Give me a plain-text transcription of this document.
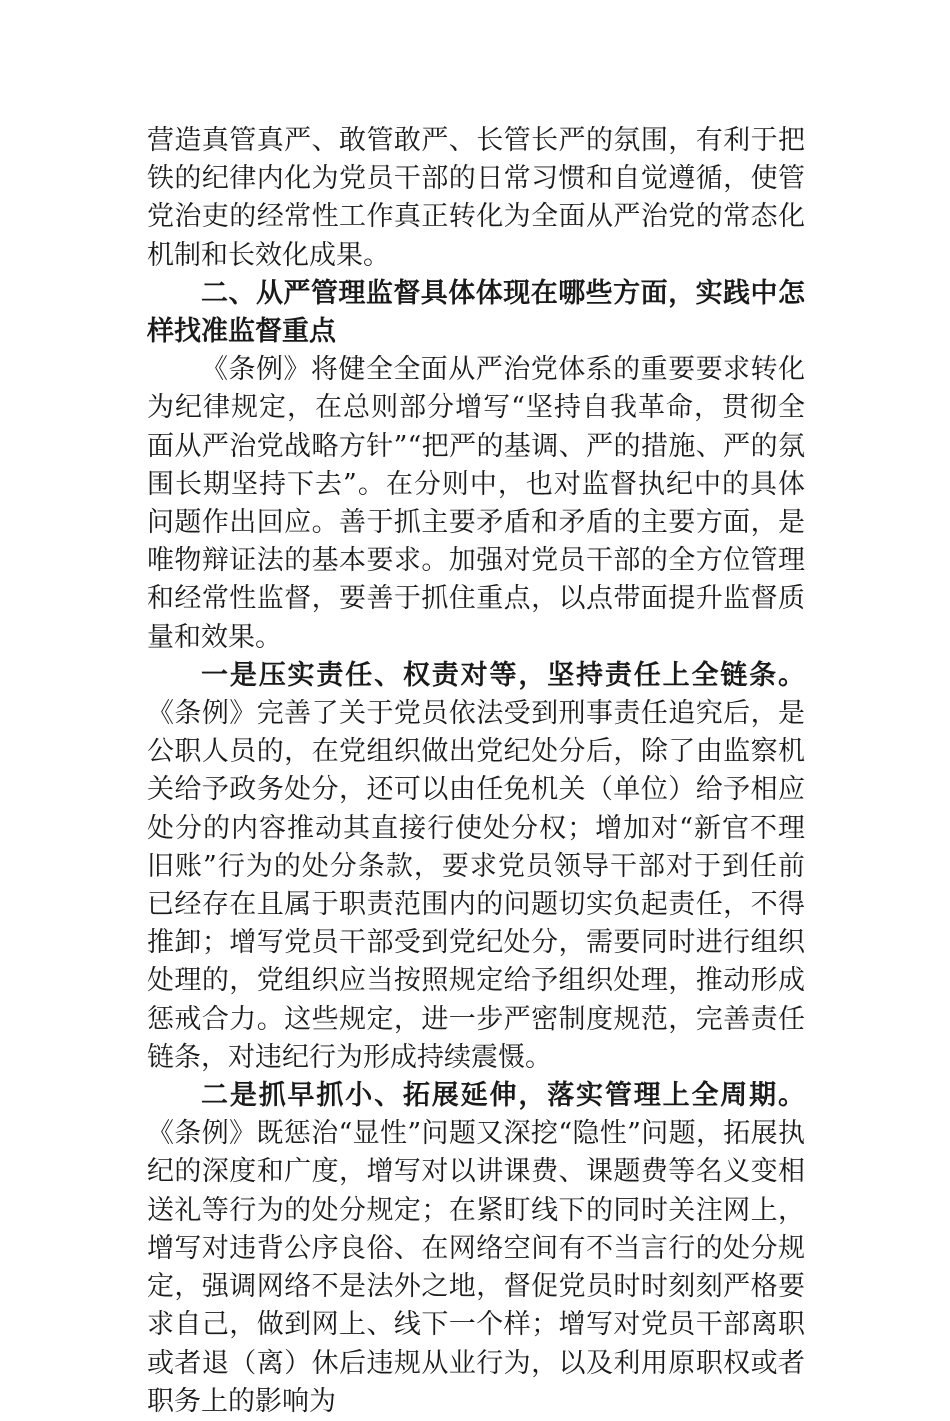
营造真管真严、敢管敢严、长管长严的氛围，有利于把铁的纪律内化为党员干部的日常习惯和自觉遵循，使管党治吏的经常性工作真正转化为全面从严治党的常态化机制和长效化成果。

二、从严管理监督具体体现在哪些方面，实践中怎样找准监督重点

《条例》将健全全面从严治党体系的重要要求转化为纪律规定，在总则部分增写“坚持自我革命，贯彻全面从严治党战略方针”“把严的基调、严的措施、严的氛围长期坚持下去”。在分则中，也对监督执纪中的具体问题作出回应。善于抓主要矛盾和矛盾的主要方面，是唯物辩证法的基本要求。加强对党员干部的全方位管理和经常性监督，要善于抓住重点，以点带面提升监督质量和效果。

一是压实责任、权责对等，坚持责任上全链条。《条例》完善了关于党员依法受到刑事责任追究后，是公职人员的，在党组织做出党纪处分后，除了由监察机关给予政务处分，还可以由任免机关（单位）给予相应处分的内容推动其直接行使处分权；增加对“新官不理旧账”行为的处分条款，要求党员领导干部对于到任前已经存在且属于职责范围内的问题切实负起责任，不得推卸；增写党员干部受到党纪处分，需要同时进行组织处理的，党组织应当按照规定给予组织处理，推动形成惩戒合力。这些规定，进一步严密制度规范，完善责任链条，对违纪行为形成持续震慑。

二是抓早抓小、拓展延伸，落实管理上全周期。《条例》既惩治“显性”问题又深挖“隐性”问题，拓展执纪的深度和广度，增写对以讲课费、课题费等名义变相送礼等行为的处分规定；在紧盯线下的同时关注网上，增写对违背公序良俗、在网络空间有不当言行的处分规定，强调网络不是法外之地，督促党员时时刻刻严格要求自己，做到网上、线下一个样；增写对党员干部离职或者退（离）休后违规从业行为，以及利用原职权或者职务上的影响为
